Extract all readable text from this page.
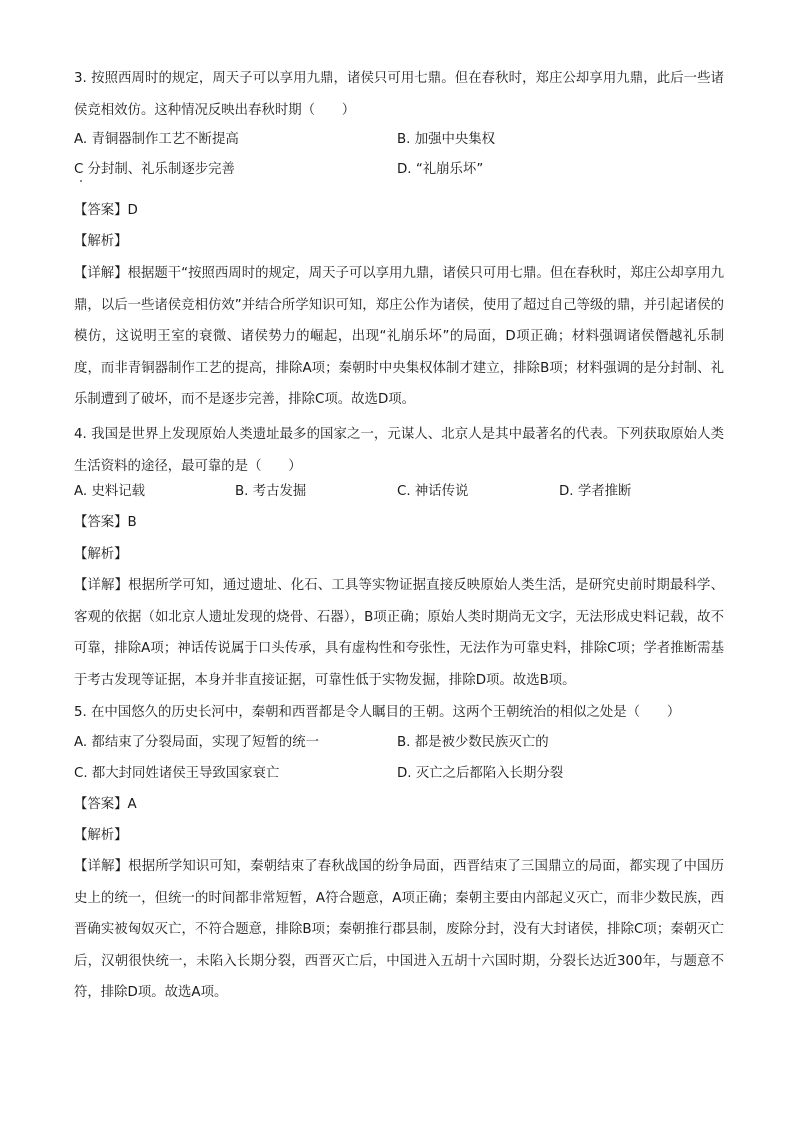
3. 按照西周时的规定，周天子可以享用九鼎，诸侯只可用七鼎。但在春秋时，郑庄公却享用九鼎，此后一些诸侯竞相效仿。这种情况反映出春秋时期（　　）

A. 青铜器制作工艺不断提高	B. 加强中央集权
C 分封制、礼乐制逐步完善	D. “礼崩乐坏”
【答案】D
【解析】

【详解】根据题干“按照西周时的规定，周天子可以享用九鼎，诸侯只可用七鼎。但在春秋时，郑庄公却享用九鼎，以后一些诸侯竞相仿效”并结合所学知识可知，郑庄公作为诸侯，使用了超过自己等级的鼎，并引起诸侯的模仿，这说明王室的衰微、诸侯势力的崛起，出现“礼崩乐坏”的局面，D项正确；材料强调诸侯僭越礼乐制度，而非青铜器制作工艺的提高，排除A项；秦朝时中央集权体制才建立，排除B项；材料强调的是分封制、礼乐制遭到了破坏，而不是逐步完善，排除C项。故选D项。

4. 我国是世界上发现原始人类遗址最多的国家之一，元谋人、北京人是其中最著名的代表。下列获取原始人类生活资料的途径，最可靠的是（　　）

A. 史料记载	B. 考古发掘	C. 神话传说	D. 学者推断
【答案】B
【解析】

【详解】根据所学可知，通过遗址、化石、工具等实物证据直接反映原始人类生活，是研究史前时期最科学、客观的依据（如北京人遗址发现的烧骨、石器），B项正确；原始人类时期尚无文字，无法形成史料记载，故不可靠，排除A项；神话传说属于口头传承，具有虚构性和夸张性，无法作为可靠史料，排除C项；学者推断需基于考古发现等证据，本身并非直接证据，可靠性低于实物发掘，排除D项。故选B项。

5. 在中国悠久的历史长河中，秦朝和西晋都是令人瞩目的王朝。这两个王朝统治的相似之处是（　　）

A. 都结束了分裂局面，实现了短暂的统一	B. 都是被少数民族灭亡的
C. 都大封同姓诸侯王导致国家衰亡	D. 灭亡之后都陷入长期分裂
【答案】A
【解析】

【详解】根据所学知识可知，秦朝结束了春秋战国的纷争局面，西晋结束了三国鼎立的局面，都实现了中国历史上的统一，但统一的时间都非常短暂，A符合题意，A项正确；秦朝主要由内部起义灭亡，而非少数民族，西晋确实被匈奴灭亡，不符合题意，排除B项；秦朝推行郡县制，废除分封，没有大封诸侯，排除C项；秦朝灭亡后，汉朝很快统一，未陷入长期分裂，西晋灭亡后，中国进入五胡十六国时期，分裂长达近300年，与题意不符，排除D项。故选A项。
